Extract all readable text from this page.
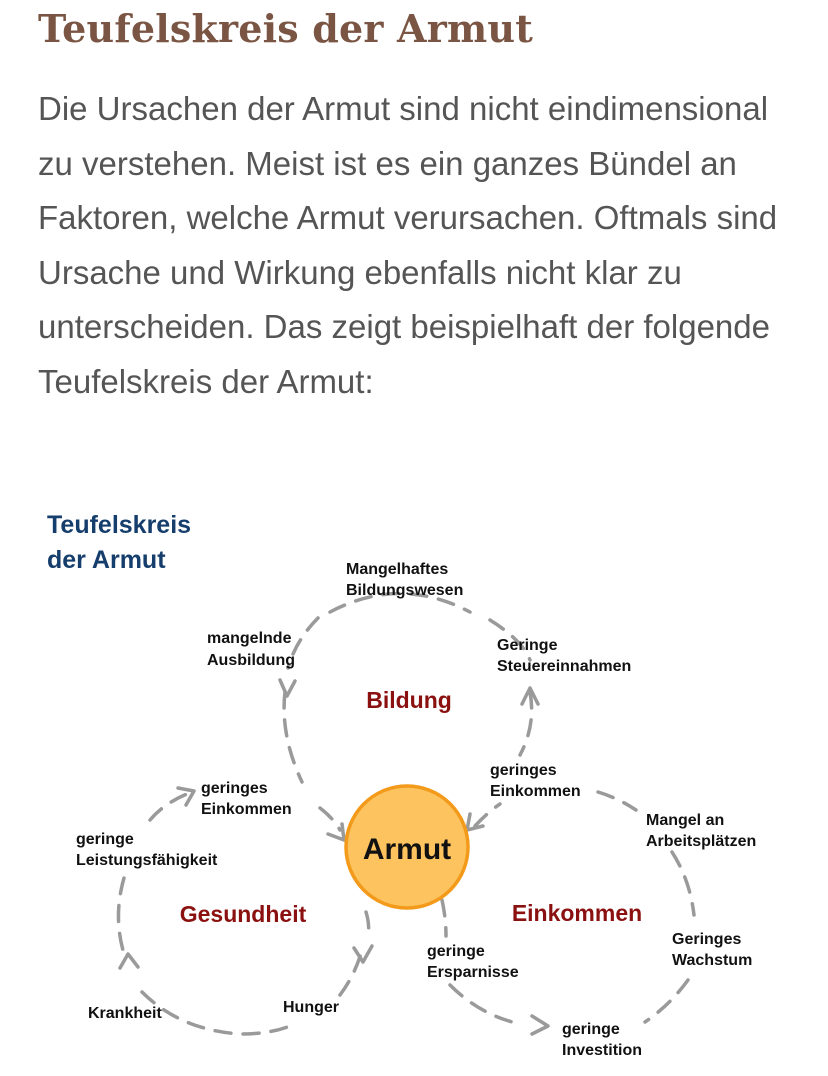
Teufelskreis der Armut

Die Ursachen der Armut sind nicht eindimensional zu verstehen. Meist ist es ein ganzes Bündel an Faktoren, welche Armut verursachen. Oftmals sind Ursache und Wirkung ebenfalls nicht klar zu unterscheiden. Das zeigt beispielhaft der folgende Teufelskreis der Armut:

Teufelskreis
der Armut
Armut
Bildung
Gesundheit	Einkommen
Mangelhaftes
Bildungswesen
Geringe
Steuereinnahmen
mangelnde
Ausbildung
geringes
Einkommen
geringes
Einkommen
geringe
Leistungsfähigkeit
Mangel an
Arbeitsplätzen
Geringes
Wachstum
geringe
Ersparnisse
Krankheit	Hunger
geringe
Investition
